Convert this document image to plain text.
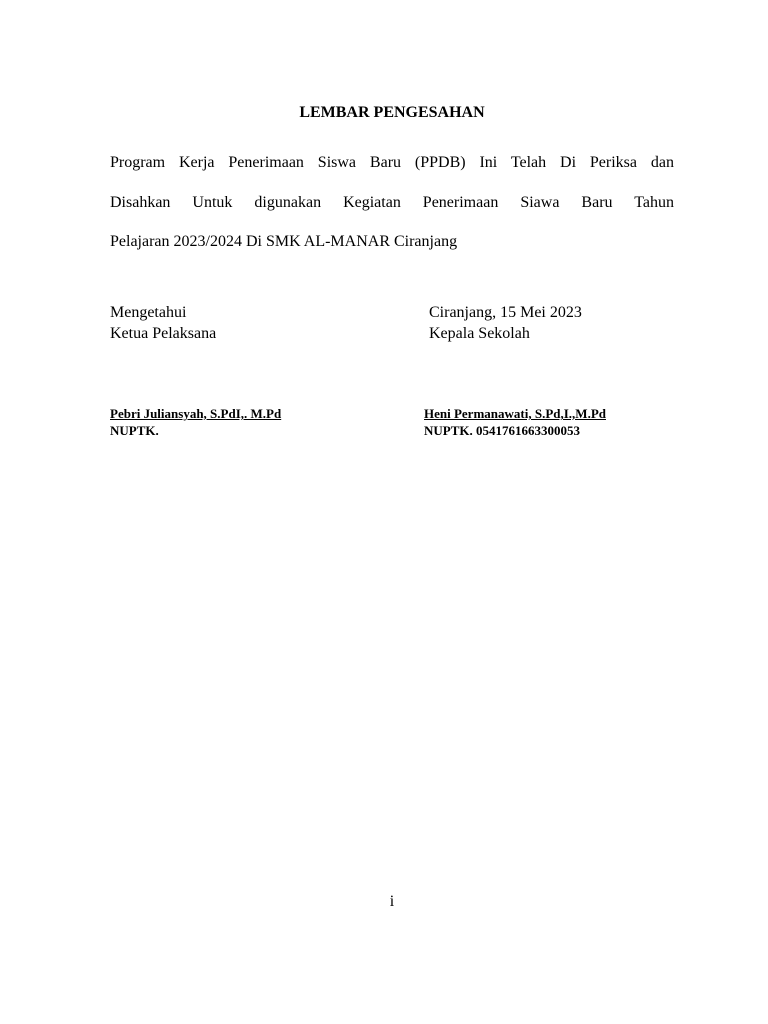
LEMBAR PENGESAHAN
Program Kerja Penerimaan Siswa Baru (PPDB) Ini Telah Di Periksa dan
Disahkan Untuk digunakan Kegiatan Penerimaan Siawa Baru Tahun
Pelajaran 2023/2024 Di SMK AL-MANAR Ciranjang
Mengetahui
Ketua Pelaksana
Ciranjang, 15 Mei 2023
Kepala Sekolah
Pebri Juliansyah, S.PdI,. M.Pd
NUPTK.
Heni Permanawati, S.Pd,I.,M.Pd
NUPTK. 0541761663300053
i
